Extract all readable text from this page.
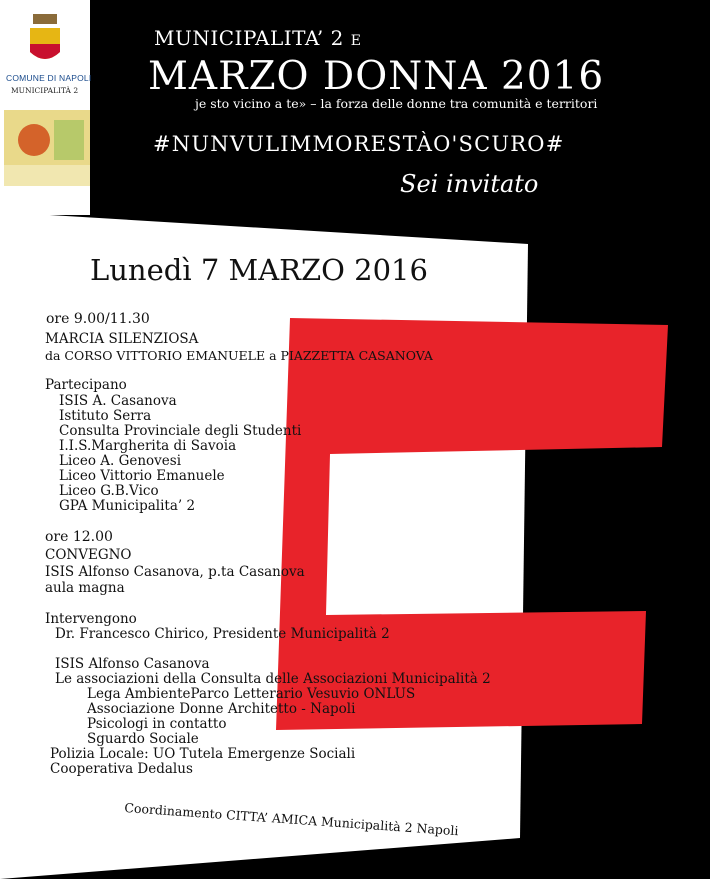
COMUNE DI NAPOLI
MUNICIPALITÀ 2
MUNICIPALITA’ 2 e
MARZO DONNA 2016
je sto vicino a te» – la forza delle donne tra comunità e territori
#NUNVULIMMORESTÀO'SCURO#
Sei invitato
Lunedì 7 MARZO 2016
ore 9.00/11.30
MARCIA SILENZIOSA
da CORSO VITTORIO EMANUELE a PIAZZETTA CASANOVA
Partecipano
ISIS A. Casanova
Istituto Serra
Consulta Provinciale degli Studenti
I.I.S.Margherita di Savoia
Liceo A. Genovesi
Liceo Vittorio Emanuele
Liceo G.B.Vico
GPA Municipalita’ 2
ore 12.00
CONVEGNO
ISIS Alfonso Casanova, p.ta Casanova
aula magna
Intervengono
Dr. Francesco Chirico, Presidente Municipalità 2
ISIS Alfonso Casanova
Le associazioni della Consulta delle Associazioni Municipalità 2
Lega AmbienteParco Letterario Vesuvio ONLUS
Associazione Donne Architetto - Napoli
Psicologi in contatto
Sguardo Sociale
Polizia Locale: UO Tutela Emergenze Sociali
Cooperativa Dedalus
Coordinamento CITTA’ AMICA Municipalità 2 Napoli
